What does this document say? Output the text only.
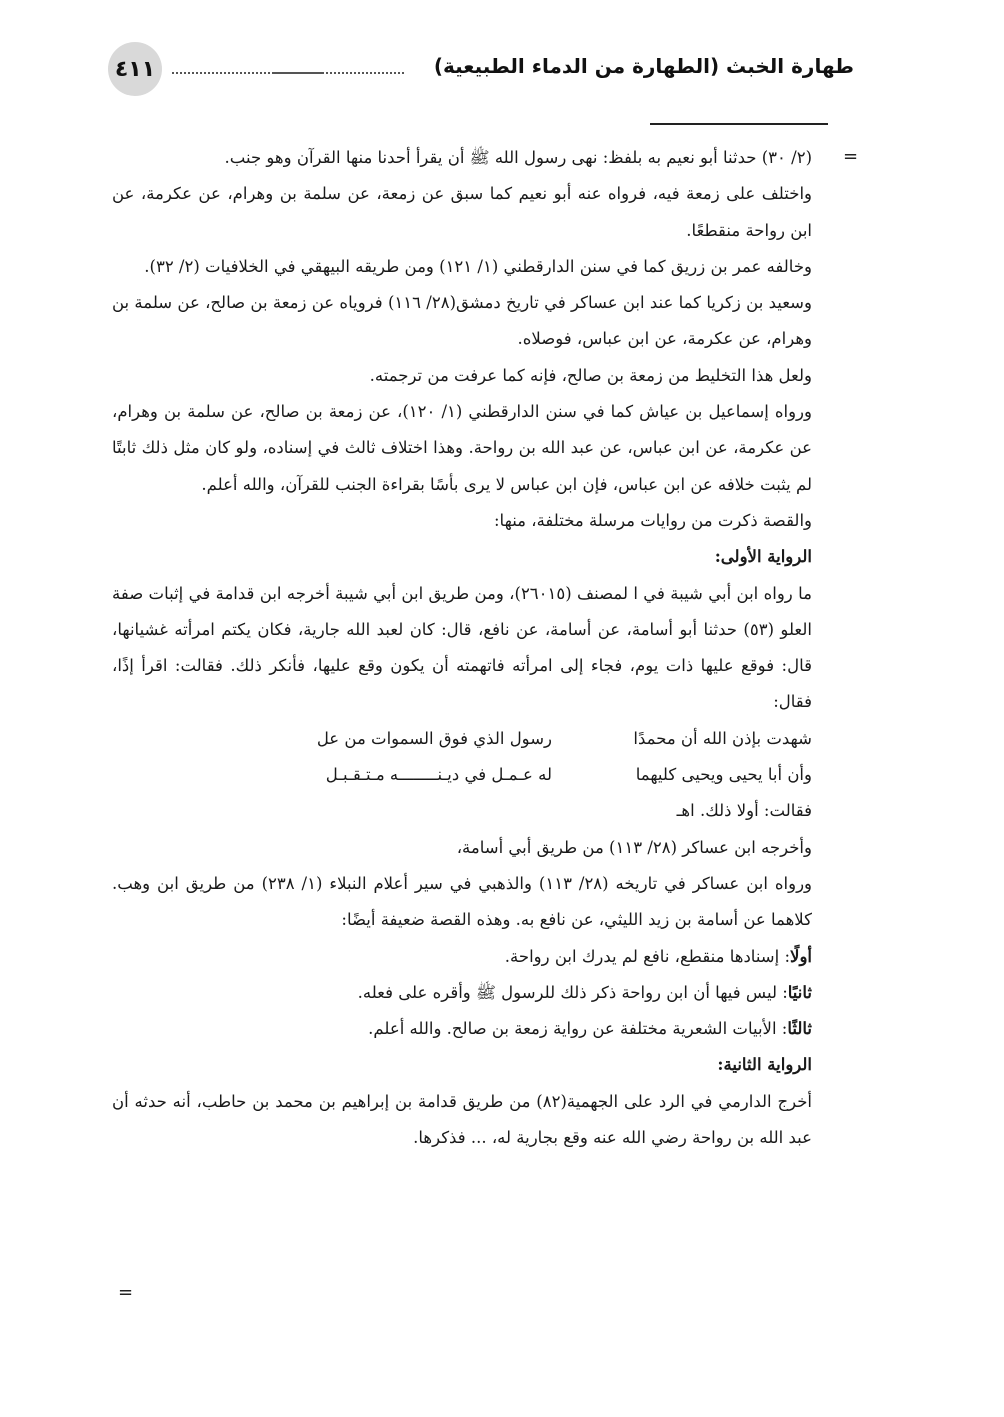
٤١١	طهارة الخبث (الطهارة من الدماء الطبيعية)
=
=

(٢/ ٣٠) حدثنا أبو نعيم به بلفظ: نهى رسول الله ﷺ أن يقرأ أحدنا منها القرآن وهو جنب.

واختلف على زمعة فيه، فرواه عنه أبو نعيم كما سبق عن زمعة، عن سلمة بن وهرام، عن عكرمة، عن ابن رواحة منقطعًا.

وخالفه عمر بن زريق كما في سنن الدارقطني (١/ ١٢١) ومن طريقه البيهقي في الخلافيات (٢/ ٣٢).

وسعيد بن زكريا كما عند ابن عساكر في تاريخ دمشق(٢٨/ ١١٦) فروياه عن زمعة بن صالح، عن سلمة بن وهرام، عن عكرمة، عن ابن عباس، فوصلاه.

ولعل هذا التخليط من زمعة بن صالح، فإنه كما عرفت من ترجمته.

ورواه إسماعيل بن عياش كما في سنن الدارقطني (١/ ١٢٠)، عن زمعة بن صالح، عن سلمة بن وهرام، عن عكرمة، عن ابن عباس، عن عبد الله بن رواحة. وهذا اختلاف ثالث في إسناده، ولو كان مثل ذلك ثابتًا لم يثبت خلافه عن ابن عباس، فإن ابن عباس لا يرى بأسًا بقراءة الجنب للقرآن، والله أعلم.

والقصة ذكرت من روايات مرسلة مختلفة، منها:

الرواية الأولى:

ما رواه ابن أبي شيبة في ا لمصنف (٢٦٠١٥)، ومن طريق ابن أبي شيبة أخرجه ابن قدامة في إثبات صفة العلو (٥٣) حدثنا أبو أسامة، عن أسامة، عن نافع، قال: كان لعبد الله جارية، فكان يكتم امرأته غشيانها، قال: فوقع عليها ذات يوم، فجاء إلى امرأته فاتهمته أن يكون وقع عليها، فأنكر ذلك. فقالت: اقرأ إذًا، فقال:

شهدت بإذن الله أن محمدًا
رسول الذي فوق السموات من عل
وأن أبا يحيى ويحيى كليهما
له عـمـل في ديـنــــــــه مـتـقـبـل

فقالت: أولا ذلك. اهـ

وأخرجه ابن عساكر (٢٨/ ١١٣) من طريق أبي أسامة،

ورواه ابن عساكر في تاريخه (٢٨/ ١١٣) والذهبي في سير أعلام النبلاء (١/ ٢٣٨) من طريق ابن وهب. كلاهما عن أسامة بن زيد الليثي، عن نافع به. وهذه القصة ضعيفة أيضًا:

أولًا: إسنادها منقطع، نافع لم يدرك ابن رواحة.

ثانيًا: ليس فيها أن ابن رواحة ذكر ذلك للرسول ﷺ وأقره على فعله.

ثالثًا: الأبيات الشعرية مختلفة عن رواية زمعة بن صالح. والله أعلم.

الرواية الثانية:

أخرج الدارمي في الرد على الجهمية(٨٢) من طريق قدامة بن إبراهيم بن محمد بن حاطب، أنه حدثه أن عبد الله بن رواحة رضي الله عنه وقع بجارية له، ... فذكرها.
